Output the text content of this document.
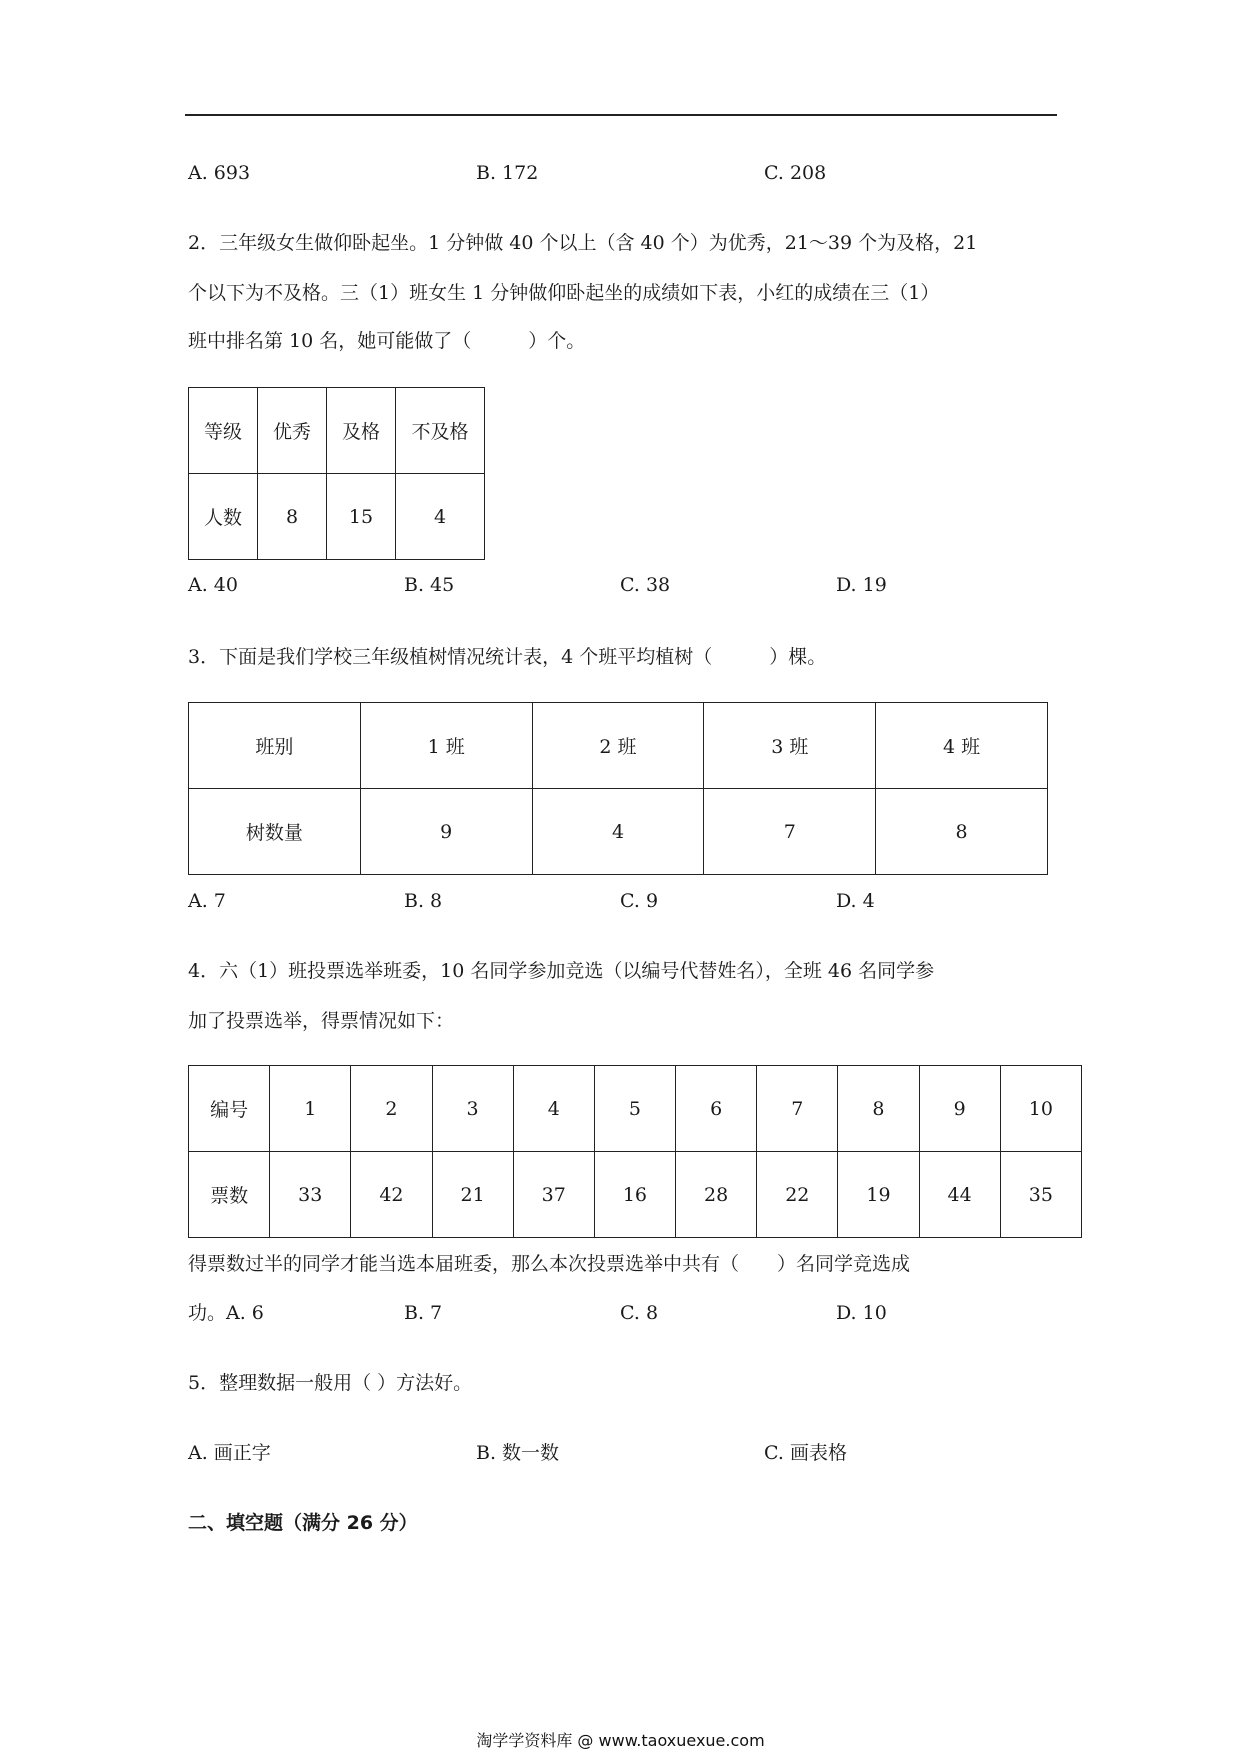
A. 693	B. 172	C. 208
2．三年级女生做仰卧起坐。1 分钟做 40 个以上（含 40 个）为优秀，21～39 个为及格，21
个以下为不及格。三（1）班女生 1 分钟做仰卧起坐的成绩如下表，小红的成绩在三（1）
班中排名第 10 名，她可能做了（　　　）个。
等级	优秀	及格	不及格
人数	8	15	4
A. 40	B. 45	C. 38	D. 19
3．下面是我们学校三年级植树情况统计表，4 个班平均植树（　　　）棵。
班别	1 班	2 班	3 班	4 班
树数量	9	4	7	8
A. 7	B. 8	C. 9	D. 4
4．六（1）班投票选举班委，10 名同学参加竞选（以编号代替姓名），全班 46 名同学参
加了投票选举，得票情况如下：
编号	1	2	3	4	5	6	7	8	9	10
票数	33	42	21	37	16	28	22	19	44	35
得票数过半的同学才能当选本届班委，那么本次投票选举中共有（　　）名同学竞选成
功。A. 6	B. 7	C. 8	D. 10
5．整理数据一般用（ ）方法好。
A. 画正字	B. 数一数	C. 画表格
二、填空题（满分 26 分）
淘学学资料库 @ www.taoxuexue.com
